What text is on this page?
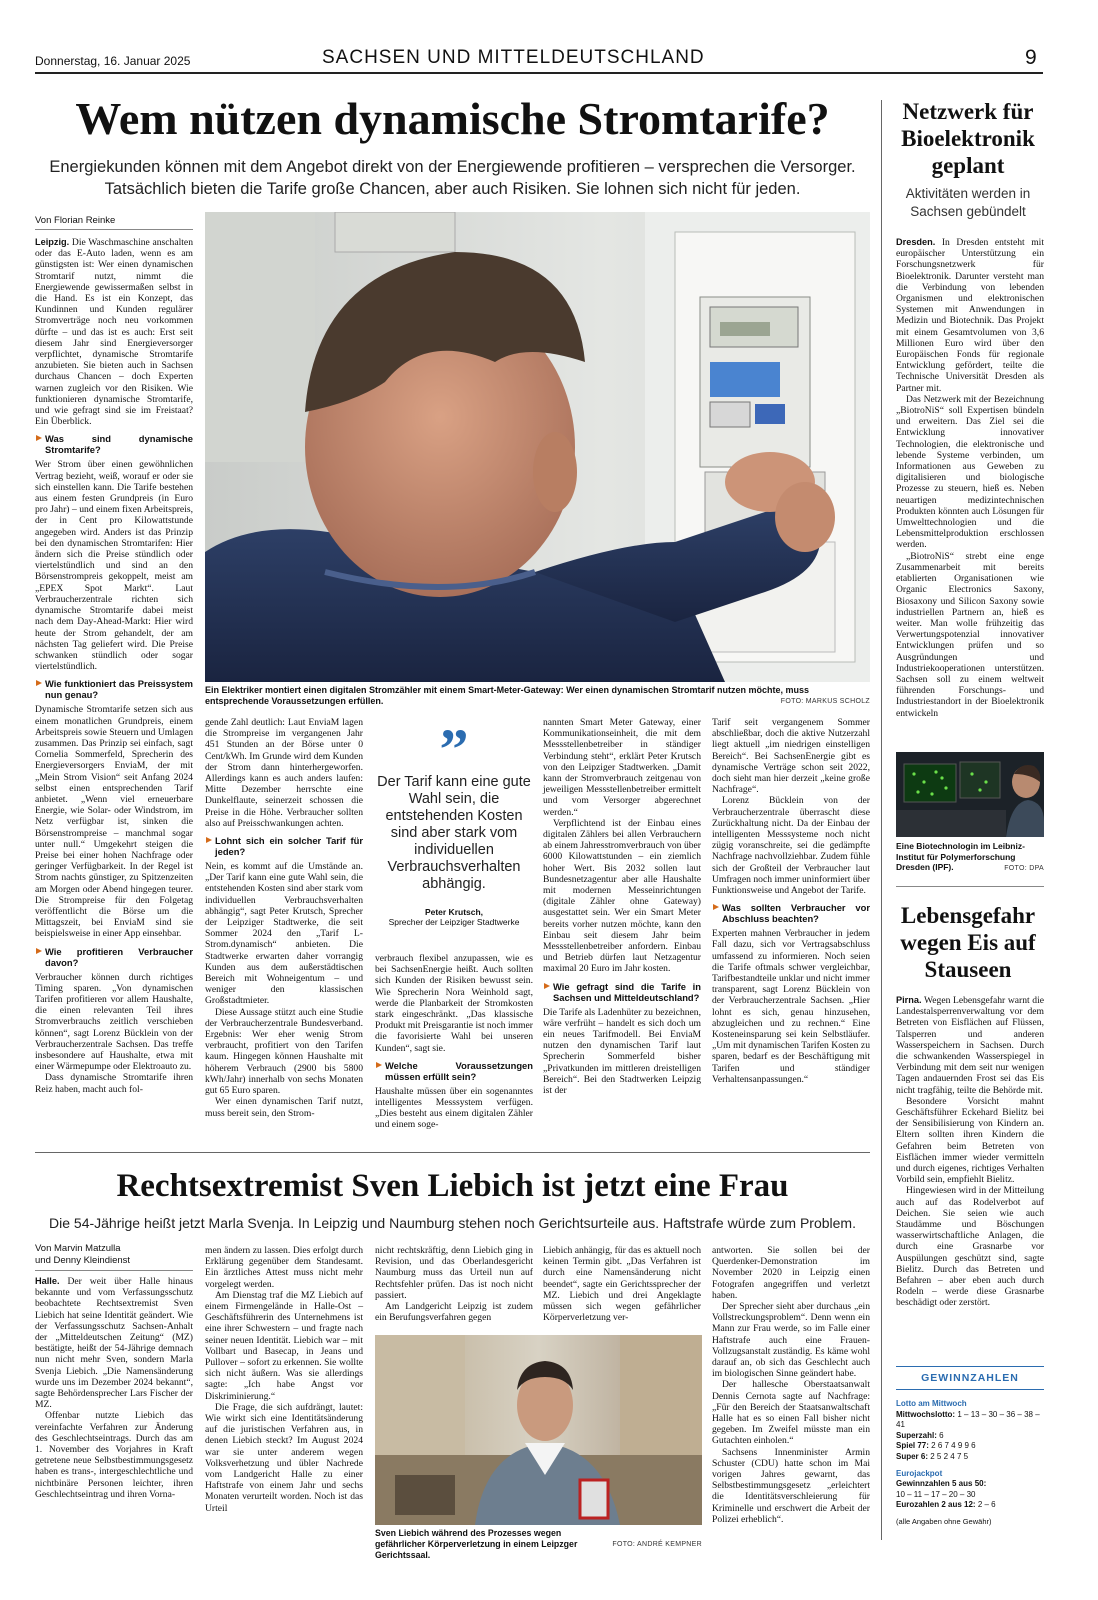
Donnerstag, 16. Januar 2025	SACHSEN UND MITTELDEUTSCHLAND	9
Wem nützen dynamische Stromtarife?
Energiekunden können mit dem Angebot direkt von der Energiewende profitieren – versprechen die Versorger. Tatsächlich bieten die Tarife große Chancen, aber auch Risiken. Sie lohnen sich nicht für jeden.
Von Florian Reinke
Ein Elektriker montiert einen digitalen Stromzähler mit einem Smart-Meter-Gateway: Wer einen dynamischen Stromtarif nutzen möchte, muss entsprechende Voraussetzungen erfüllen.	FOTO: MARKUS SCHOLZ

Leipzig. Die Waschmaschine anschalten oder das E-Auto laden, wenn es am günstigsten ist: Wer einen dynamischen Stromtarif nutzt, nimmt die Energiewende gewissermaßen selbst in die Hand. Es ist ein Konzept, das Kundinnen und Kunden regulärer Stromverträge noch neu vorkommen dürfte – und das ist es auch: Erst seit diesem Jahr sind Energieversorger verpflichtet, dynamische Stromtarife anzubieten. Sie bieten auch in Sachsen durchaus Chancen – doch Experten warnen zugleich vor den Risiken. Wie funktionieren dynamische Stromtarife, und wie gefragt sind sie im Freistaat? Ein Überblick.

Was sind dynamische Stromtarife?

Wer Strom über einen gewöhnlichen Vertrag bezieht, weiß, worauf er oder sie sich einstellen kann. Die Tarife bestehen aus einem festen Grundpreis (in Euro pro Jahr) – und einem fixen Arbeitspreis, der in Cent pro Kilowattstunde angegeben wird. Anders ist das Prinzip bei den dynamischen Stromtarifen: Hier ändern sich die Preise stündlich oder viertelstündlich und sind an den Börsenstrompreis gekoppelt, meist am „EPEX Spot Markt“. Laut Verbraucherzentrale richten sich dynamische Stromtarife dabei meist nach dem Day-Ahead-Markt: Hier wird heute der Strom gehandelt, der am nächsten Tag geliefert wird. Die Preise schwanken stündlich oder sogar viertelstündlich.

Wie funktioniert das Preissystem nun genau?

Dynamische Stromtarife setzen sich aus einem monatlichen Grundpreis, einem Arbeitspreis sowie Steuern und Umlagen zusammen. Das Prinzip sei einfach, sagt Cornelia Sommerfeld, Sprecherin des Energieversorgers EnviaM, der mit „Mein Strom Vision“ seit Anfang 2024 selbst einen entsprechenden Tarif anbietet. „Wenn viel erneuerbare Energie, wie Solar- oder Windstrom, im Netz verfügbar ist, sinken die Börsenstrompreise – manchmal sogar unter null.“ Umgekehrt steigen die Preise bei einer hohen Nachfrage oder geringer Verfügbarkeit. In der Regel ist Strom nachts günstiger, zu Spitzenzeiten am Morgen oder Abend hingegen teurer. Die Strompreise für den Folgetag veröffentlicht die Börse um die Mittagszeit, bei EnviaM sind sie beispielsweise in einer App einsehbar.

Wie profitieren Verbraucher davon?

Verbraucher können durch richtiges Timing sparen. „Von dynamischen Tarifen profitieren vor allem Haushalte, die einen relevanten Teil ihres Stromverbrauchs zeitlich verschieben können“, sagt Lorenz Bücklein von der Verbraucherzentrale Sachsen. Das treffe insbesondere auf Haushalte, etwa mit einer Wärmepumpe oder Elektroauto zu.

Dass dynamische Stromtarife ihren Reiz haben, macht auch fol-

gende Zahl deutlich: Laut EnviaM lagen die Strompreise im vergangenen Jahr 451 Stunden an der Börse unter 0 Cent/kWh. Im Grunde wird dem Kunden der Strom dann hinterhergeworfen. Allerdings kann es auch anders laufen: Mitte Dezember herrschte eine Dunkelflaute, seinerzeit schossen die Preise in die Höhe. Verbraucher sollten also auf Preisschwankungen achten.

Lohnt sich ein solcher Tarif für jeden?

Nein, es kommt auf die Umstände an. „Der Tarif kann eine gute Wahl sein, die entstehenden Kosten sind aber stark vom individuellen Verbrauchsverhalten abhängig“, sagt Peter Krutsch, Sprecher der Leipziger Stadtwerke, die seit Sommer 2024 den „Tarif L-Strom.dynamisch“ anbieten. Die Stadtwerke erwarten daher vorrangig Kunden aus dem außerstädtischen Bereich mit Wohneigentum – und weniger den klassischen Großstadtmieter.

Diese Aussage stützt auch eine Studie der Verbraucherzentrale Bundesverband. Ergebnis: Wer eher wenig Strom verbraucht, profitiert von den Tarifen kaum. Hingegen können Haushalte mit höherem Verbrauch (2900 bis 5800 kWh/Jahr) innerhalb von sechs Monaten gut 65 Euro sparen.

Wer einen dynamischen Tarif nutzt, muss bereit sein, den Strom-

”
Der Tarif kann eine gute Wahl sein, die entstehenden Kosten sind aber stark vom individuellen Verbrauchsverhalten abhängig.
Peter Krutsch,
Sprecher der Leipziger Stadtwerke

verbrauch flexibel anzupassen, wie es bei SachsenEnergie heißt. Auch sollten sich Kunden der Risiken bewusst sein. Wie Sprecherin Nora Weinhold sagt, werde die Planbarkeit der Stromkosten stark eingeschränkt. „Das klassische Produkt mit Preisgarantie ist noch immer die favorisierte Wahl bei unseren Kunden“, sagt sie.

Welche Voraussetzungen müssen erfüllt sein?

Haushalte müssen über ein sogenanntes intelligentes Messsystem verfügen. „Dies besteht aus einem digitalen Zähler und einem soge-

nannten Smart Meter Gateway, einer Kommunikationseinheit, die mit dem Messstellenbetreiber in ständiger Verbindung steht“, erklärt Peter Krutsch von den Leipziger Stadtwerken. „Damit kann der Stromverbrauch zeitgenau von jeweiligen Messstellenbetreiber ermittelt und vom Versorger abgerechnet werden.“

Verpflichtend ist der Einbau eines digitalen Zählers bei allen Verbrauchern ab einem Jahresstromverbrauch von über 6000 Kilowattstunden – ein ziemlich hoher Wert. Bis 2032 sollen laut Bundesnetzagentur aber alle Haushalte mit modernen Messeinrichtungen (digitale Zähler ohne Gateway) ausgestattet sein. Wer ein Smart Meter bereits vorher nutzen möchte, kann den Einbau seit diesem Jahr beim Messstellenbetreiber anfordern. Einbau und Betrieb dürfen laut Netzagentur maximal 20 Euro im Jahr kosten.

Wie gefragt sind die Tarife in Sachsen und Mitteldeutschland?

Die Tarife als Ladenhüter zu bezeichnen, wäre verfrüht – handelt es sich doch um ein neues Tarifmodell. Bei EnviaM nutzen den dynamischen Tarif laut Sprecherin Sommerfeld bisher „Privatkunden im mittleren dreistelligen Bereich“. Bei den Stadtwerken Leipzig ist der

Tarif seit vergangenem Sommer abschließbar, doch die aktive Nutzerzahl liegt aktuell „im niedrigen einstelligen Bereich“. Bei SachsenEnergie gibt es dynamische Verträge schon seit 2022, doch sieht man hier derzeit „keine große Nachfrage“.

Lorenz Bücklein von der Verbraucherzentrale überrascht diese Zurückhaltung nicht. Da der Einbau der intelligenten Messsysteme noch nicht zügig voranschreite, sei die gedämpfte Nachfrage nachvollziehbar. Zudem fühle sich der Großteil der Verbraucher laut Umfragen noch immer uninformiert über Funktionsweise und Angebot der Tarife.

Was sollten Verbraucher vor Abschluss beachten?

Experten mahnen Verbraucher in jedem Fall dazu, sich vor Vertragsabschluss umfassend zu informieren. Noch seien die Tarife oftmals schwer vergleichbar, Tarifbestandteile unklar und nicht immer transparent, sagt Lorenz Bücklein von der Verbraucherzentrale Sachsen. „Hier lohnt es sich, genau hinzusehen, abzugleichen und zu rechnen.“ Eine Kosteneinsparung sei kein Selbstläufer. „Um mit dynamischen Tarifen Kosten zu sparen, bedarf es der Beschäftigung mit Tarifen und ständiger Verhaltensanpassungen.“

Netzwerk für Bioelektronik geplant
Aktivitäten werden in Sachsen gebündelt

Dresden. In Dresden entsteht mit europäischer Unterstützung ein Forschungsnetzwerk für Bioelektronik. Darunter versteht man die Verbindung von lebenden Organismen und elektronischen Systemen mit Anwendungen in Medizin und Biotechnik. Das Projekt mit einem Gesamtvolumen von 3,6 Millionen Euro wird über den Europäischen Fonds für regionale Entwicklung gefördert, teilte die Technische Universität Dresden als Partner mit.

Das Netzwerk mit der Bezeichnung „BiotroNiS“ soll Expertisen bündeln und erweitern. Das Ziel sei die Entwicklung innovativer Technologien, die elektronische und lebende Systeme verbinden, um Informationen aus Geweben zu digitalisieren und biologische Prozesse zu steuern, hieß es. Neben neuartigen medizintechnischen Produkten könnten auch Lösungen für Umwelttechnologien und die Lebensmittelproduktion erschlossen werden.

„BiotroNiS“ strebt eine enge Zusammenarbeit mit bereits etablierten Organisationen wie Organic Electronics Saxony, Biosaxony und Silicon Saxony sowie industriellen Partnern an, hieß es weiter. Man wolle frühzeitig das Verwertungspotenzial innovativer Entwicklungen prüfen und so Ausgründungen und Industriekooperationen unterstützen. Sachsen soll zu einem weltweit führenden Forschungs- und Industriestandort in der Bioelektronik entwickeln

Eine Biotechnologin im Leibniz-Institut für Polymerforschung Dresden (IPF).	FOTO: DPA
Lebensgefahr wegen Eis auf Stauseen

Pirna. Wegen Lebensgefahr warnt die Landestalsperrenverwaltung vor dem Betreten von Eisflächen auf Flüssen, Talsperren und anderen Wasserspeichern in Sachsen. Durch die schwankenden Wasserspiegel in Verbindung mit dem seit nur wenigen Tagen andauernden Frost sei das Eis nicht tragfähig, teilte die Behörde mit.

Besondere Vorsicht mahnt Geschäftsführer Eckehard Bielitz bei der Sensibilisierung von Kindern an. Eltern sollten ihren Kindern die Gefahren beim Betreten von Eisflächen immer wieder vermitteln und durch eigenes, richtiges Verhalten Vorbild sein, empfiehlt Bielitz.

Hingewiesen wird in der Mitteilung auch auf das Rodelverbot auf Deichen. Sie seien wie auch Staudämme und Böschungen wasserwirtschaftliche Anlagen, die durch eine Grasnarbe vor Auspülungen geschützt sind, sagte Bielitz. Durch das Betreten und Befahren – aber eben auch durch Rodeln – werde diese Grasnarbe beschädigt oder zerstört.

GEWINNZAHLEN
Lotto am Mittwoch
Mittwochslotto: 1 – 13 – 30 – 36 – 38 – 41
Superzahl: 6
Spiel 77: 2 6 7 4 9 9 6
Super 6: 2 5 2 4 7 5
Eurojackpot
Gewinnzahlen 5 aus 50:
10 – 11 – 17 – 20 – 30
Eurozahlen 2 aus 12: 2 – 6
(alle Angaben ohne Gewähr)
Rechtsextremist Sven Liebich ist jetzt eine Frau
Die 54-Jährige heißt jetzt Marla Svenja. In Leipzig und Naumburg stehen noch Gerichtsurteile aus. Haftstrafe würde zum Problem.
Von Marvin Matzulla
und Denny Kleindienst

Halle. Der weit über Halle hinaus bekannte und vom Verfassungsschutz beobachtete Rechtsextremist Sven Liebich hat seine Identität geändert. Wie der Verfassungsschutz Sachsen-Anhalt der „Mitteldeutschen Zeitung“ (MZ) bestätigte, heißt der 54-Jährige demnach nun nicht mehr Sven, sondern Marla Svenja Liebich. „Die Namensänderung wurde uns im Dezember 2024 bekannt“, sagte Behördensprecher Lars Fischer der MZ.

Offenbar nutzte Liebich das vereinfachte Verfahren zur Änderung des Geschlechtseintrags. Durch das am 1. November des Vorjahres in Kraft getretene neue Selbstbestimmungsgesetz haben es trans-, intergeschlechtliche und nichtbinäre Personen leichter, ihren Geschlechtseintrag und ihren Vorna-

men ändern zu lassen. Dies erfolgt durch Erklärung gegenüber dem Standesamt. Ein ärztliches Attest muss nicht mehr vorgelegt werden.

Am Dienstag traf die MZ Liebich auf einem Firmengelände in Halle-Ost – Geschäftsführerin des Unternehmens ist eine ihrer Schwestern – und fragte nach seiner neuen Identität. Liebich war – mit Vollbart und Basecap, in Jeans und Pullover – sofort zu erkennen. Sie wollte sich nicht äußern. Was sie allerdings sagte: „Ich habe Angst vor Diskriminierung.“

Die Frage, die sich aufdrängt, lautet: Wie wirkt sich eine Identitätsänderung auf die juristischen Verfahren aus, in denen Liebich steckt? Im August 2024 war sie unter anderem wegen Volksverhetzung und übler Nachrede vom Landgericht Halle zu einer Haftstrafe von einem Jahr und sechs Monaten verurteilt worden. Noch ist das Urteil

nicht rechtskräftig, denn Liebich ging in Revision, und das Oberlandesgericht Naumburg muss das Urteil nun auf Rechtsfehler prüfen. Das ist noch nicht passiert.

Am Landgericht Leipzig ist zudem ein Berufungsverfahren gegen

Liebich anhängig, für das es aktuell noch keinen Termin gibt. „Das Verfahren ist durch eine Namensänderung nicht beendet“, sagte ein Gerichtssprecher der MZ. Liebich und drei Angeklagte müssen sich wegen gefährlicher Körperverletzung ver-

antworten. Sie sollen bei der Querdenker-Demonstration im November 2020 in Leipzig einen Fotografen angegriffen und verletzt haben.

Der Sprecher sieht aber durchaus „ein Vollstreckungsproblem“. Denn wenn ein Mann zur Frau werde, so im Falle einer Haftstrafe auch eine Frauen-Vollzugsanstalt zuständig. Es käme wohl darauf an, ob sich das Geschlecht auch im biologischen Sinne geändert habe.

Der hallesche Oberstaatsanwalt Dennis Cernota sagte auf Nachfrage: „Für den Bereich der Staatsanwaltschaft Halle hat es so einen Fall bisher nicht gegeben. Im Zweifel müsste man ein Gutachten einholen.“

Sachsens Innenminister Armin Schuster (CDU) hatte schon im Mai vorigen Jahres gewarnt, das Selbstbestimmungsgesetz „erleichtert die Identitätsverschleierung für Kriminelle und erschwert die Arbeit der Polizei erheblich“.

Sven Liebich während des Prozesses wegen gefährlicher Körperverletzung in einem Leipzger Gerichtssaal.
FOTO: ANDRÉ KEMPNER
